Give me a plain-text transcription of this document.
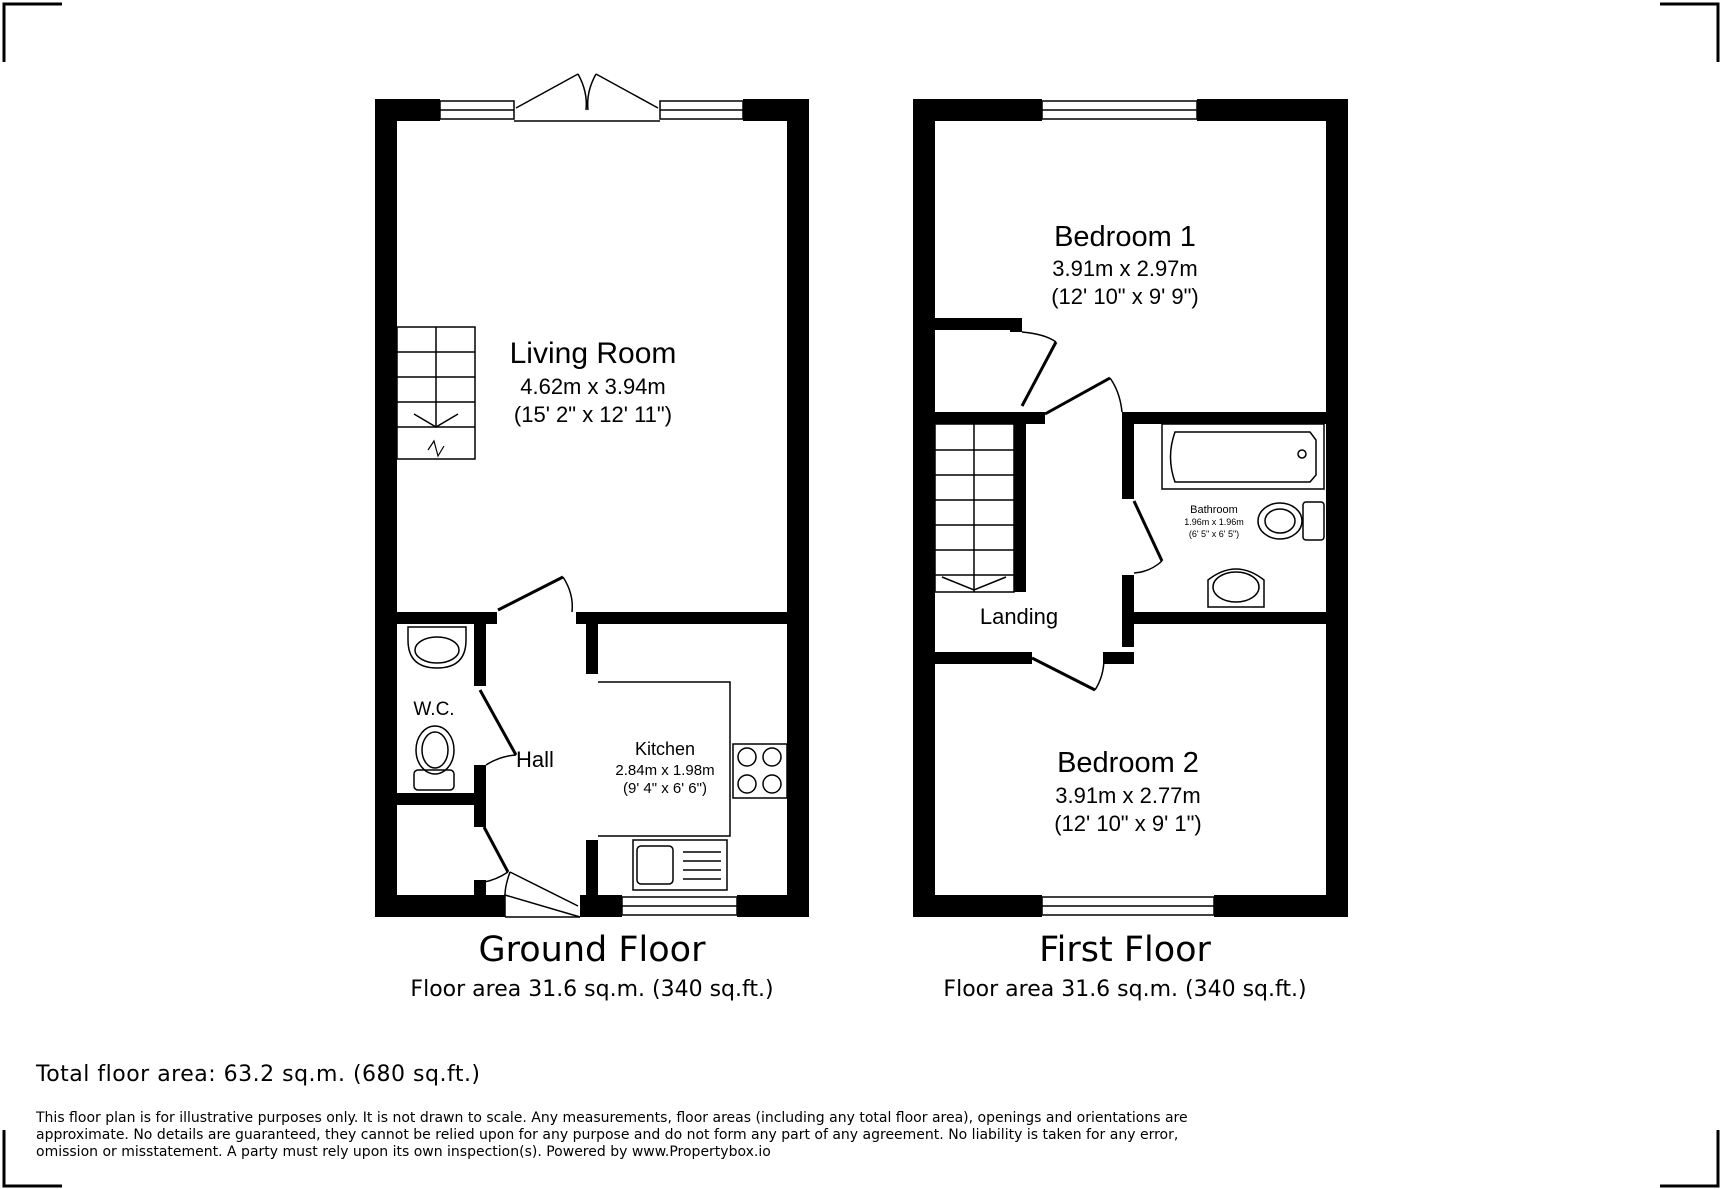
Living Room
4.62m x 3.94m
(15' 2" x 12' 11")
Kitchen
2.84m x 1.98m
(9' 4" x 6' 6")
Hall
W.C.
Ground Floor
Floor area 31.6 sq.m. (340 sq.ft.)
Bedroom 1
3.91m x 2.97m
(12' 10" x 9' 9")
Bedroom 2
3.91m x 2.77m
(12' 10" x 9' 1")
Bathroom
1.96m x 1.96m
(6' 5" x 6' 5")
Landing
First Floor
Floor area 31.6 sq.m. (340 sq.ft.)
Total floor area: 63.2 sq.m. (680 sq.ft.)
This floor plan is for illustrative purposes only. It is not drawn to scale. Any measurements, floor areas (including any total floor area), openings and orientations are approximate. No details are guaranteed, they cannot be relied upon for any purpose and do not form any part of any agreement. No liability is taken for any error, omission or misstatement. A party must rely upon its own inspection(s). Powered by www.Propertybox.io
